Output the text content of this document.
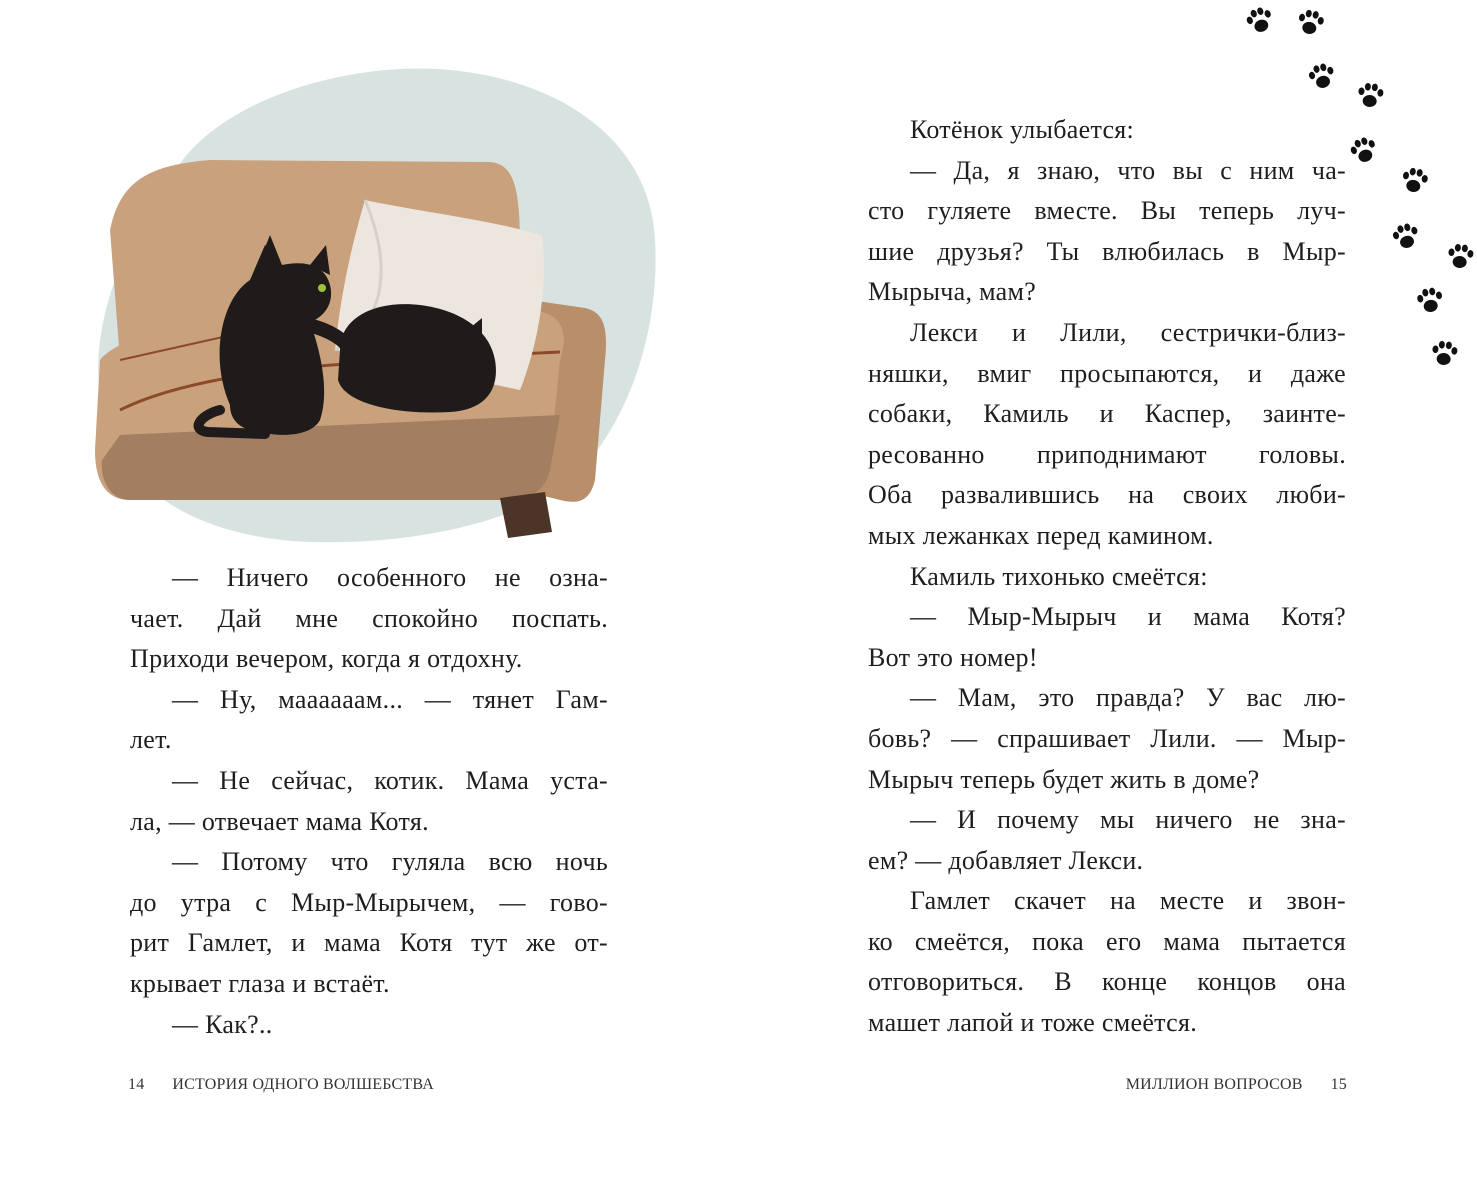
— Ничего особенного не озна-
чает. Дай мне спокойно поспать.
Приходи вечером, когда я отдохну.
— Ну, маааааам... — тянет Гам-
лет.
— Не сейчас, котик. Мама уста-
ла, — отвечает мама Котя.
— Потому что гуляла всю ночь
до утра с Мыр-Мырычем, — гово-
рит Гамлет, и мама Котя тут же от-
крывает глаза и встаёт.
— Как?..
14 ИСТОРИЯ ОДНОГО ВОЛШЕБСТВА
Котёнок улыбается:
— Да, я знаю, что вы с ним ча-
сто гуляете вместе. Вы теперь луч-
шие друзья? Ты влюбилась в Мыр-
Мырыча, мам?
Лекси и Лили, сестрички-близ-
няшки, вмиг просыпаются, и даже
собаки, Камиль и Каспер, заинте-
ресованно приподнимают головы.
Оба развалившись на своих люби-
мых лежанках перед камином.
Камиль тихонько смеётся:
— Мыр-Мырыч и мама Котя?
Вот это номер!
— Мам, это правда? У вас лю-
бовь? — спрашивает Лили. — Мыр-
Мырыч теперь будет жить в доме?
— И почему мы ничего не зна-
ем? — добавляет Лекси.
Гамлет скачет на месте и звон-
ко смеётся, пока его мама пытается
отговориться. В конце концов она
машет лапой и тоже смеётся.
МИЛЛИОН ВОПРОСОВ 15
